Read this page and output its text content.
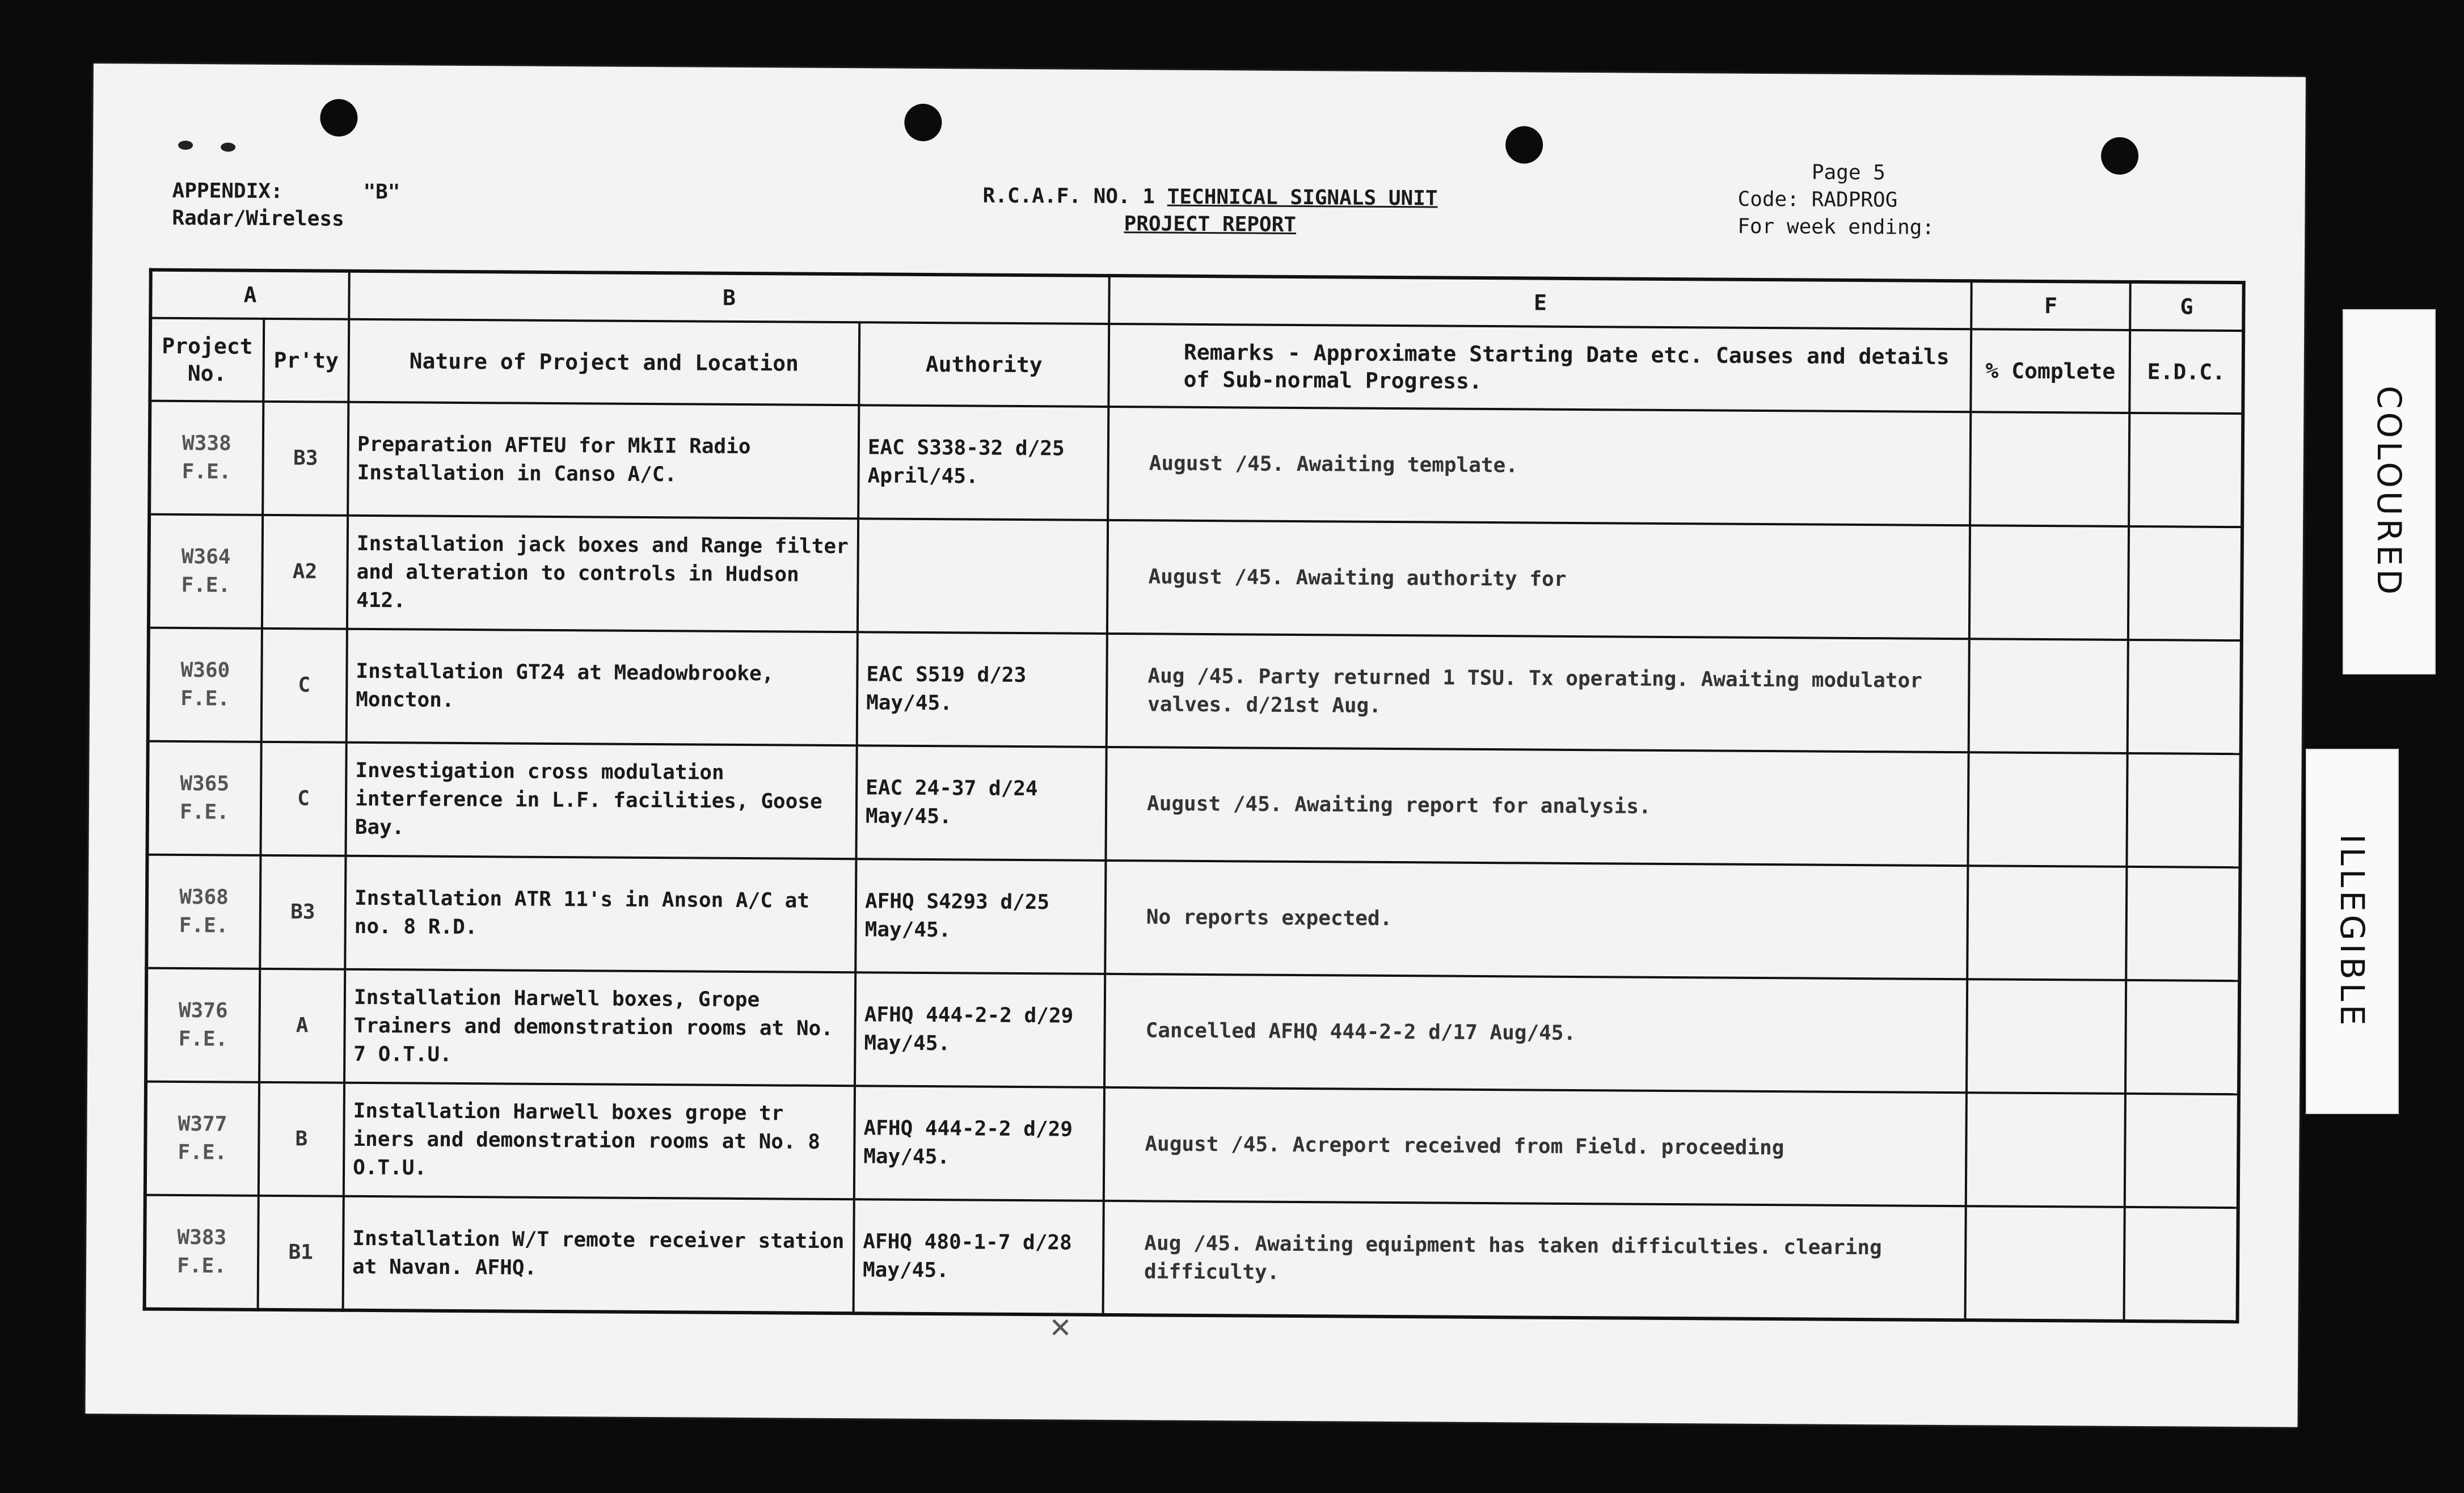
APPENDIX:	"B"
Radar/Wireless
R.C.A.F. NO. 1 TECHNICAL SIGNALS UNIT
PROJECT REPORT
Page 5
Code: RADPROG
For week ending:
A		B		E	F	G
Project No.	Pr'ty	Nature of Project and Location	Authority	Remarks - Approximate Starting Date etc. Causes and details of Sub-normal Progress.	% Complete	E.D.C.
W338 F.E.	B3	Preparation AFTEU for MkII Radio Installation in Canso A/C.	EAC S338-32 d/25 April/45.	August /45. Awaiting template.		
W364 F.E.	A2	Installation jack boxes and Range filter and alteration to controls in Hudson 412.		August /45. Awaiting authority for		
W360 F.E.	C	Installation GT24 at Meadowbrooke, Moncton.	EAC S519 d/23 May/45.	Aug /45. Party returned 1 TSU. Tx operating. Awaiting modulator valves. d/21st Aug.		
W365 F.E.	C	Investigation cross modulation interference in L.F. facilities, Goose Bay.	EAC 24-37 d/24 May/45.	August /45. Awaiting report for analysis.		
W368 F.E.	B3	Installation ATR 11's in Anson A/C at no. 8 R.D.	AFHQ S4293 d/25 May/45.	No reports expected.		
W376 F.E.	A	Installation Harwell boxes, Grope Trainers and demonstration rooms at No. 7 O.T.U.	AFHQ 444-2-2 d/29 May/45.	Cancelled AFHQ 444-2-2 d/17 Aug/45.		
W377 F.E.	B	Installation Harwell boxes grope tr iners and demonstration rooms at No. 8 O.T.U.	AFHQ 444-2-2 d/29 May/45.	August /45. Acreport received from Field. proceeding		
W383 F.E.	B1	Installation W/T remote receiver station at Navan. AFHQ.	AFHQ 480-1-7 d/28 May/45.	Aug /45. Awaiting equipment has taken difficulties. clearing difficulty.		
✕
COLOURED
ILLEGIBLE
